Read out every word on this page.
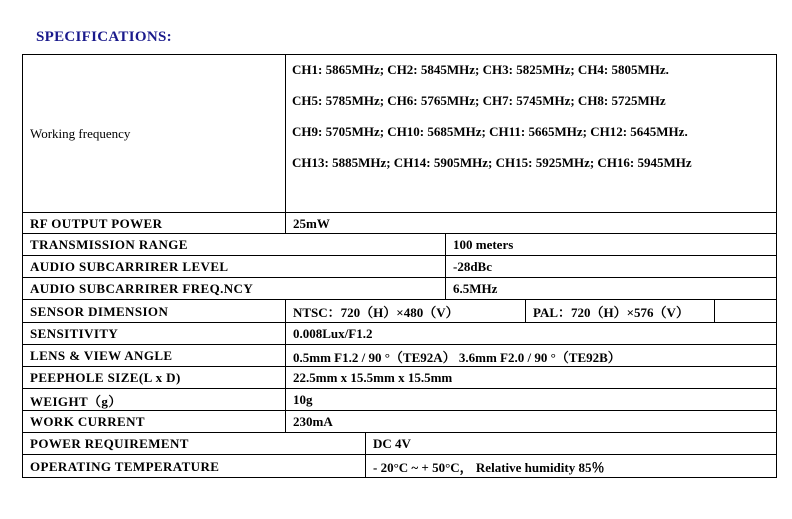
SPECIFICATIONS:
Working frequency
CH1: 5865MHz; CH2: 5845MHz; CH3: 5825MHz; CH4: 5805MHz.
CH5: 5785MHz; CH6: 5765MHz; CH7: 5745MHz; CH8: 5725MHz
CH9: 5705MHz; CH10: 5685MHz; CH11: 5665MHz; CH12: 5645MHz.
CH13: 5885MHz; CH14: 5905MHz; CH15: 5925MHz; CH16: 5945MHz
RF OUTPUT POWER	25mW
TRANSMISSION RANGE	100 meters
AUDIO SUBCARRIRER LEVEL	-28dBc
AUDIO SUBCARRIRER FREQ.NCY	6.5MHz
SENSOR DIMENSION	NTSC：720（H）×480（V）	PAL：720（H）×576（V）
SENSITIVITY	0.008Lux/F1.2
LENS & VIEW ANGLE	0.5mm F1.2 / 90 °（TE92A） 3.6mm F2.0 / 90 °（TE92B）
PEEPHOLE SIZE(L x D)	22.5mm x 15.5mm x 15.5mm
WEIGHT（g）	10g
WORK CURRENT	230mA
POWER REQUIREMENT	DC 4V
OPERATING TEMPERATURE	- 20°C ~ + 50°C， Relative humidity 85％
